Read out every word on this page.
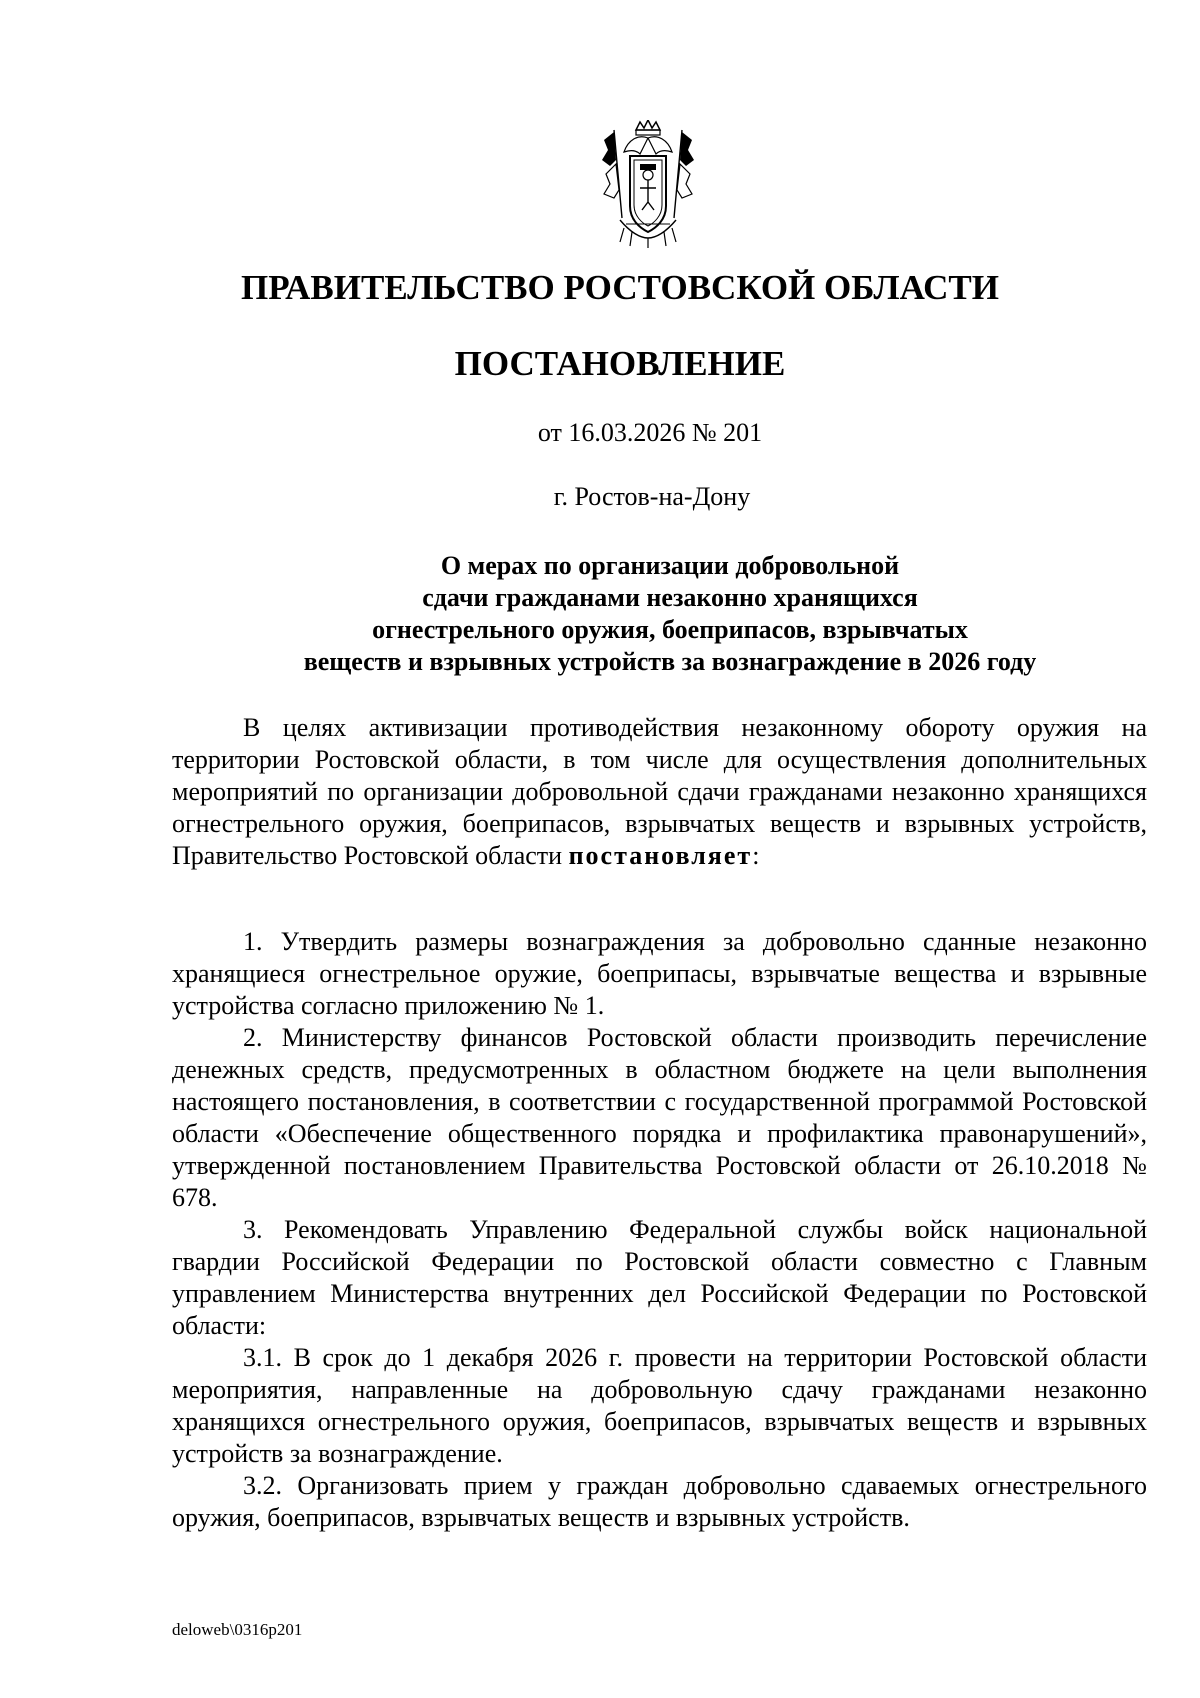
ПРАВИТЕЛЬСТВО РОСТОВСКОЙ ОБЛАСТИ
ПОСТАНОВЛЕНИЕ
от 16.03.2026 № 201
г. Ростов-на-Дону
О мерах по организации добровольной
сдачи гражданами незаконно хранящихся
огнестрельного оружия, боеприпасов, взрывчатых
веществ и взрывных устройств за вознаграждение в 2026 году

В целях активизации противодействия незаконному обороту оружия на территории Ростовской области, в том числе для осуществления дополнительных мероприятий по организации добровольной сдачи гражданами незаконно хранящихся огнестрельного оружия, боеприпасов, взрывчатых веществ и взрывных устройств, Правительство Ростовской области постановляет:

1. Утвердить размеры вознаграждения за добровольно сданные незаконно хранящиеся огнестрельное оружие, боеприпасы, взрывчатые вещества и взрывные устройства согласно приложению № 1.

2. Министерству финансов Ростовской области производить перечисление денежных средств, предусмотренных в областном бюджете на цели выполнения настоящего постановления, в соответствии с государственной программой Ростовской области «Обеспечение общественного порядка и профилактика правонарушений», утвержденной постановлением Правительства Ростовской области от 26.10.2018 № 678.

3. Рекомендовать Управлению Федеральной службы войск национальной гвардии Российской Федерации по Ростовской области совместно с Главным управлением Министерства внутренних дел Российской Федерации по Ростовской области:

3.1. В срок до 1 декабря 2026 г. провести на территории Ростовской области мероприятия, направленные на добровольную сдачу гражданами незаконно хранящихся огнестрельного оружия, боеприпасов, взрывчатых веществ и взрывных устройств за вознаграждение.

3.2. Организовать прием у граждан добровольно сдаваемых огнестрельного оружия, боеприпасов, взрывчатых веществ и взрывных устройств.

deloweb\0316p201
